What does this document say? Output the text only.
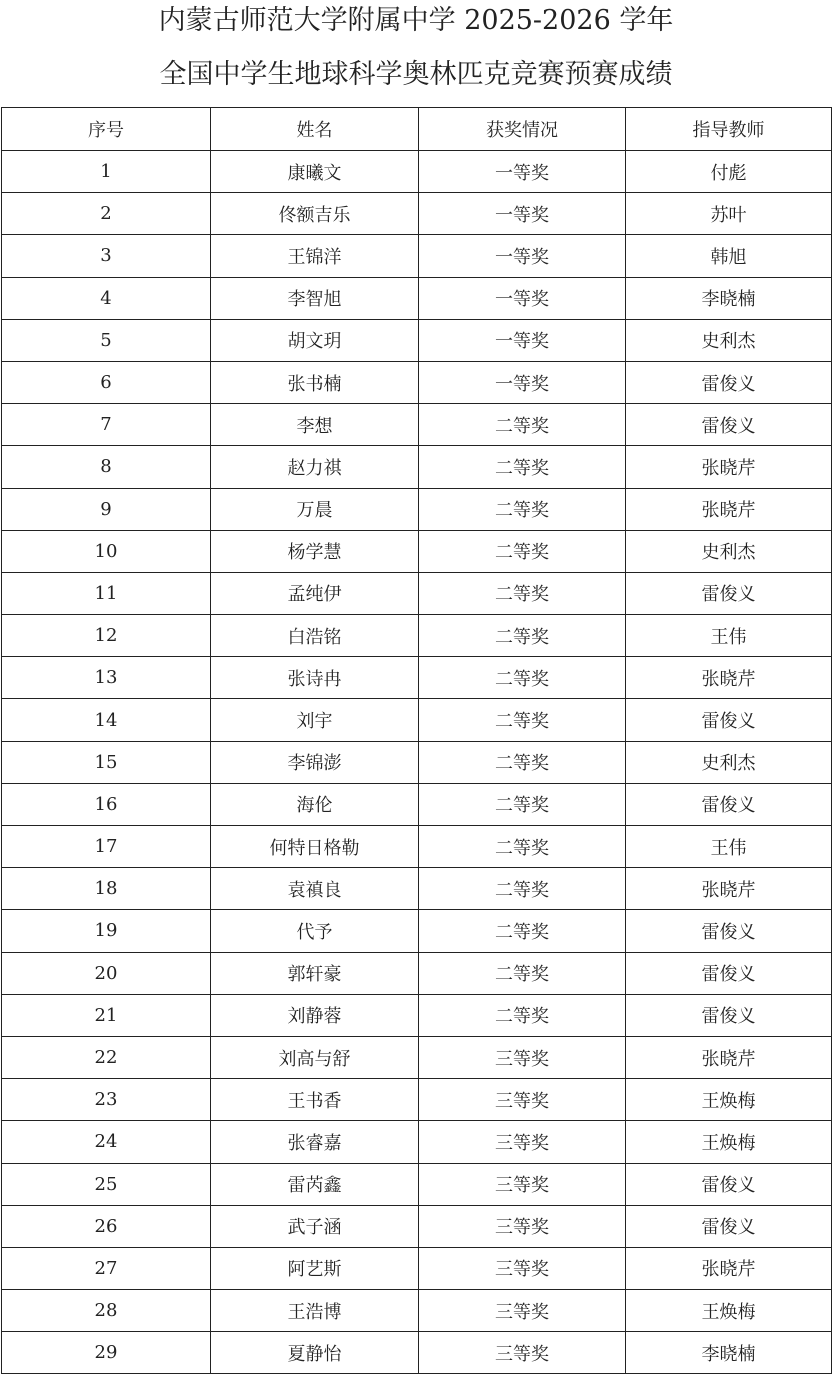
内蒙古师范大学附属中学 2025-2026 学年
全国中学生地球科学奥林匹克竞赛预赛成绩
序号	姓名	获奖情况	指导教师
1	康曦文	一等奖	付彪
2	佟额吉乐	一等奖	苏叶
3	王锦洋	一等奖	韩旭
4	李智旭	一等奖	李晓楠
5	胡文玥	一等奖	史利杰
6	张书楠	一等奖	雷俊义
7	李想	二等奖	雷俊义
8	赵力祺	二等奖	张晓芹
9	万晨	二等奖	张晓芹
10	杨学慧	二等奖	史利杰
11	孟纯伊	二等奖	雷俊义
12	白浩铭	二等奖	王伟
13	张诗冉	二等奖	张晓芹
14	刘宇	二等奖	雷俊义
15	李锦澎	二等奖	史利杰
16	海伦	二等奖	雷俊义
17	何特日格勒	二等奖	王伟
18	袁禛良	二等奖	张晓芹
19	代予	二等奖	雷俊义
20	郭轩豪	二等奖	雷俊义
21	刘静蓉	二等奖	雷俊义
22	刘高与舒	三等奖	张晓芹
23	王书香	三等奖	王焕梅
24	张睿嘉	三等奖	王焕梅
25	雷芮鑫	三等奖	雷俊义
26	武子涵	三等奖	雷俊义
27	阿艺斯	三等奖	张晓芹
28	王浩博	三等奖	王焕梅
29	夏静怡	三等奖	李晓楠
